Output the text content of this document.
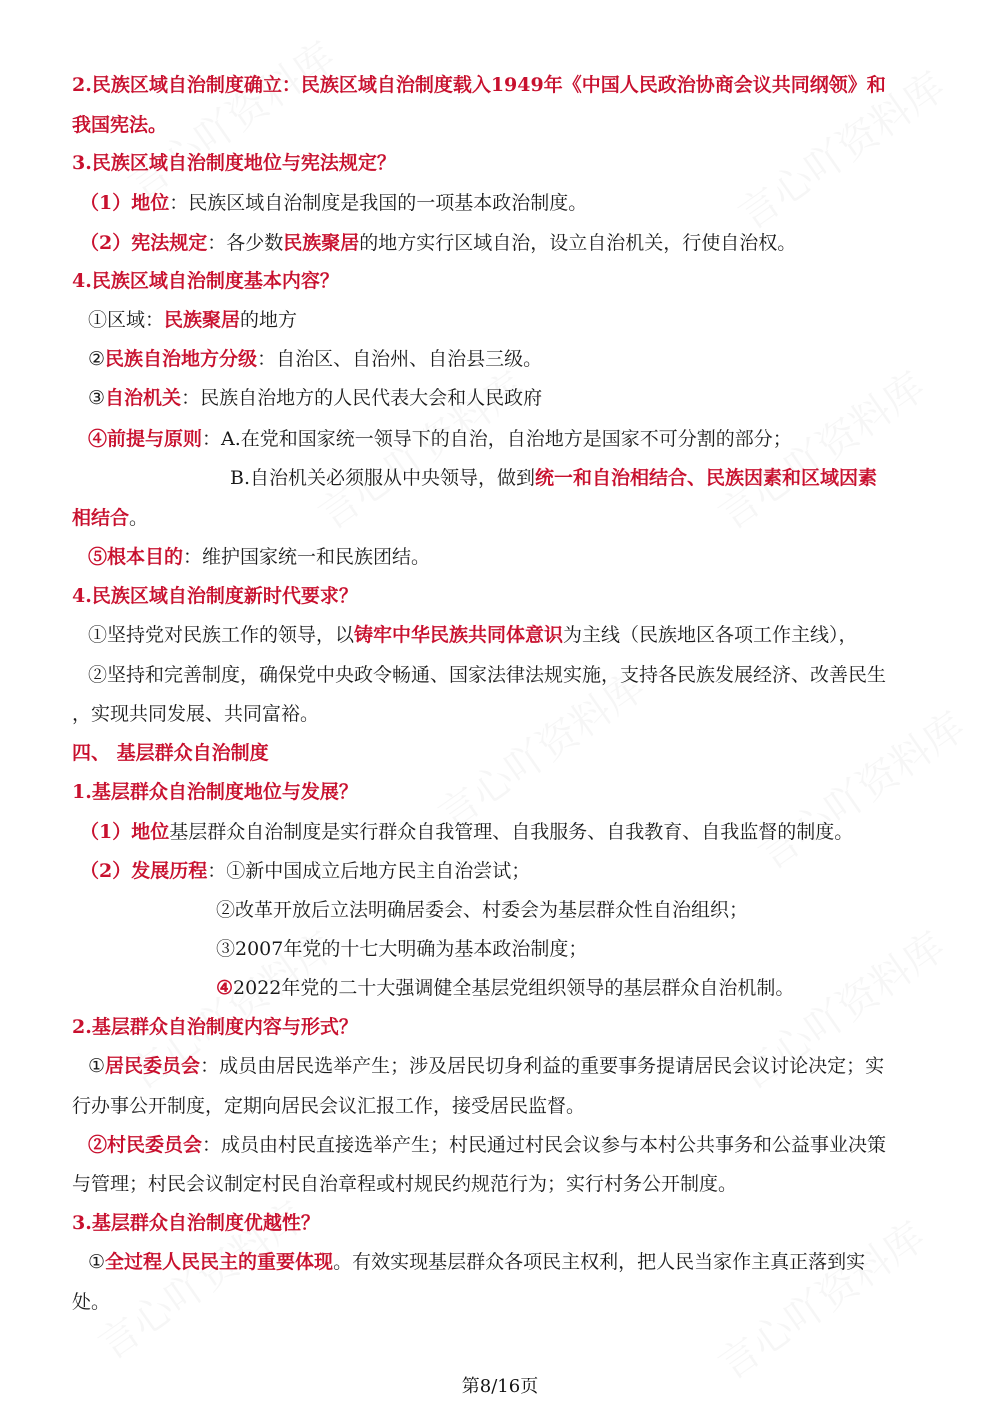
2.民族区域自治制度确立：民族区域自治制度载入1949年《中国人民政治协商会议共同纲领》和
我国宪法。
3.民族区域自治制度地位与宪法规定？
（1）地位：民族区域自治制度是我国的一项基本政治制度。
（2）宪法规定：各少数民族聚居的地方实行区域自治，设立自治机关，行使自治权。
4.民族区域自治制度基本内容？
①区域：民族聚居的地方
②民族自治地方分级：自治区、自治州、自治县三级。
③自治机关：民族自治地方的人民代表大会和人民政府
④前提与原则：A.在党和国家统一领导下的自治，自治地方是国家不可分割的部分；
B.自治机关必须服从中央领导，做到统一和自治相结合、民族因素和区域因素
相结合。
⑤根本目的：维护国家统一和民族团结。
4.民族区域自治制度新时代要求？
①坚持党对民族工作的领导，以铸牢中华民族共同体意识为主线（民族地区各项工作主线），
②坚持和完善制度，确保党中央政令畅通、国家法律法规实施，支持各民族发展经济、改善民生
，实现共同发展、共同富裕。
四、 基层群众自治制度
1.基层群众自治制度地位与发展？
（1）地位基层群众自治制度是实行群众自我管理、自我服务、自我教育、自我监督的制度。
（2）发展历程：①新中国成立后地方民主自治尝试；
②改革开放后立法明确居委会、村委会为基层群众性自治组织；
③2007年党的十七大明确为基本政治制度；
④2022年党的二十大强调健全基层党组织领导的基层群众自治机制。
2.基层群众自治制度内容与形式？
①居民委员会：成员由居民选举产生；涉及居民切身利益的重要事务提请居民会议讨论决定；实
行办事公开制度，定期向居民会议汇报工作，接受居民监督。
②村民委员会：成员由村民直接选举产生；村民通过村民会议参与本村公共事务和公益事业决策
与管理；村民会议制定村民自治章程或村规民约规范行为；实行村务公开制度。
3.基层群众自治制度优越性？
①全过程人民民主的重要体现。有效实现基层群众各项民主权利，把人民当家作主真正落到实
处。
第8/16页
